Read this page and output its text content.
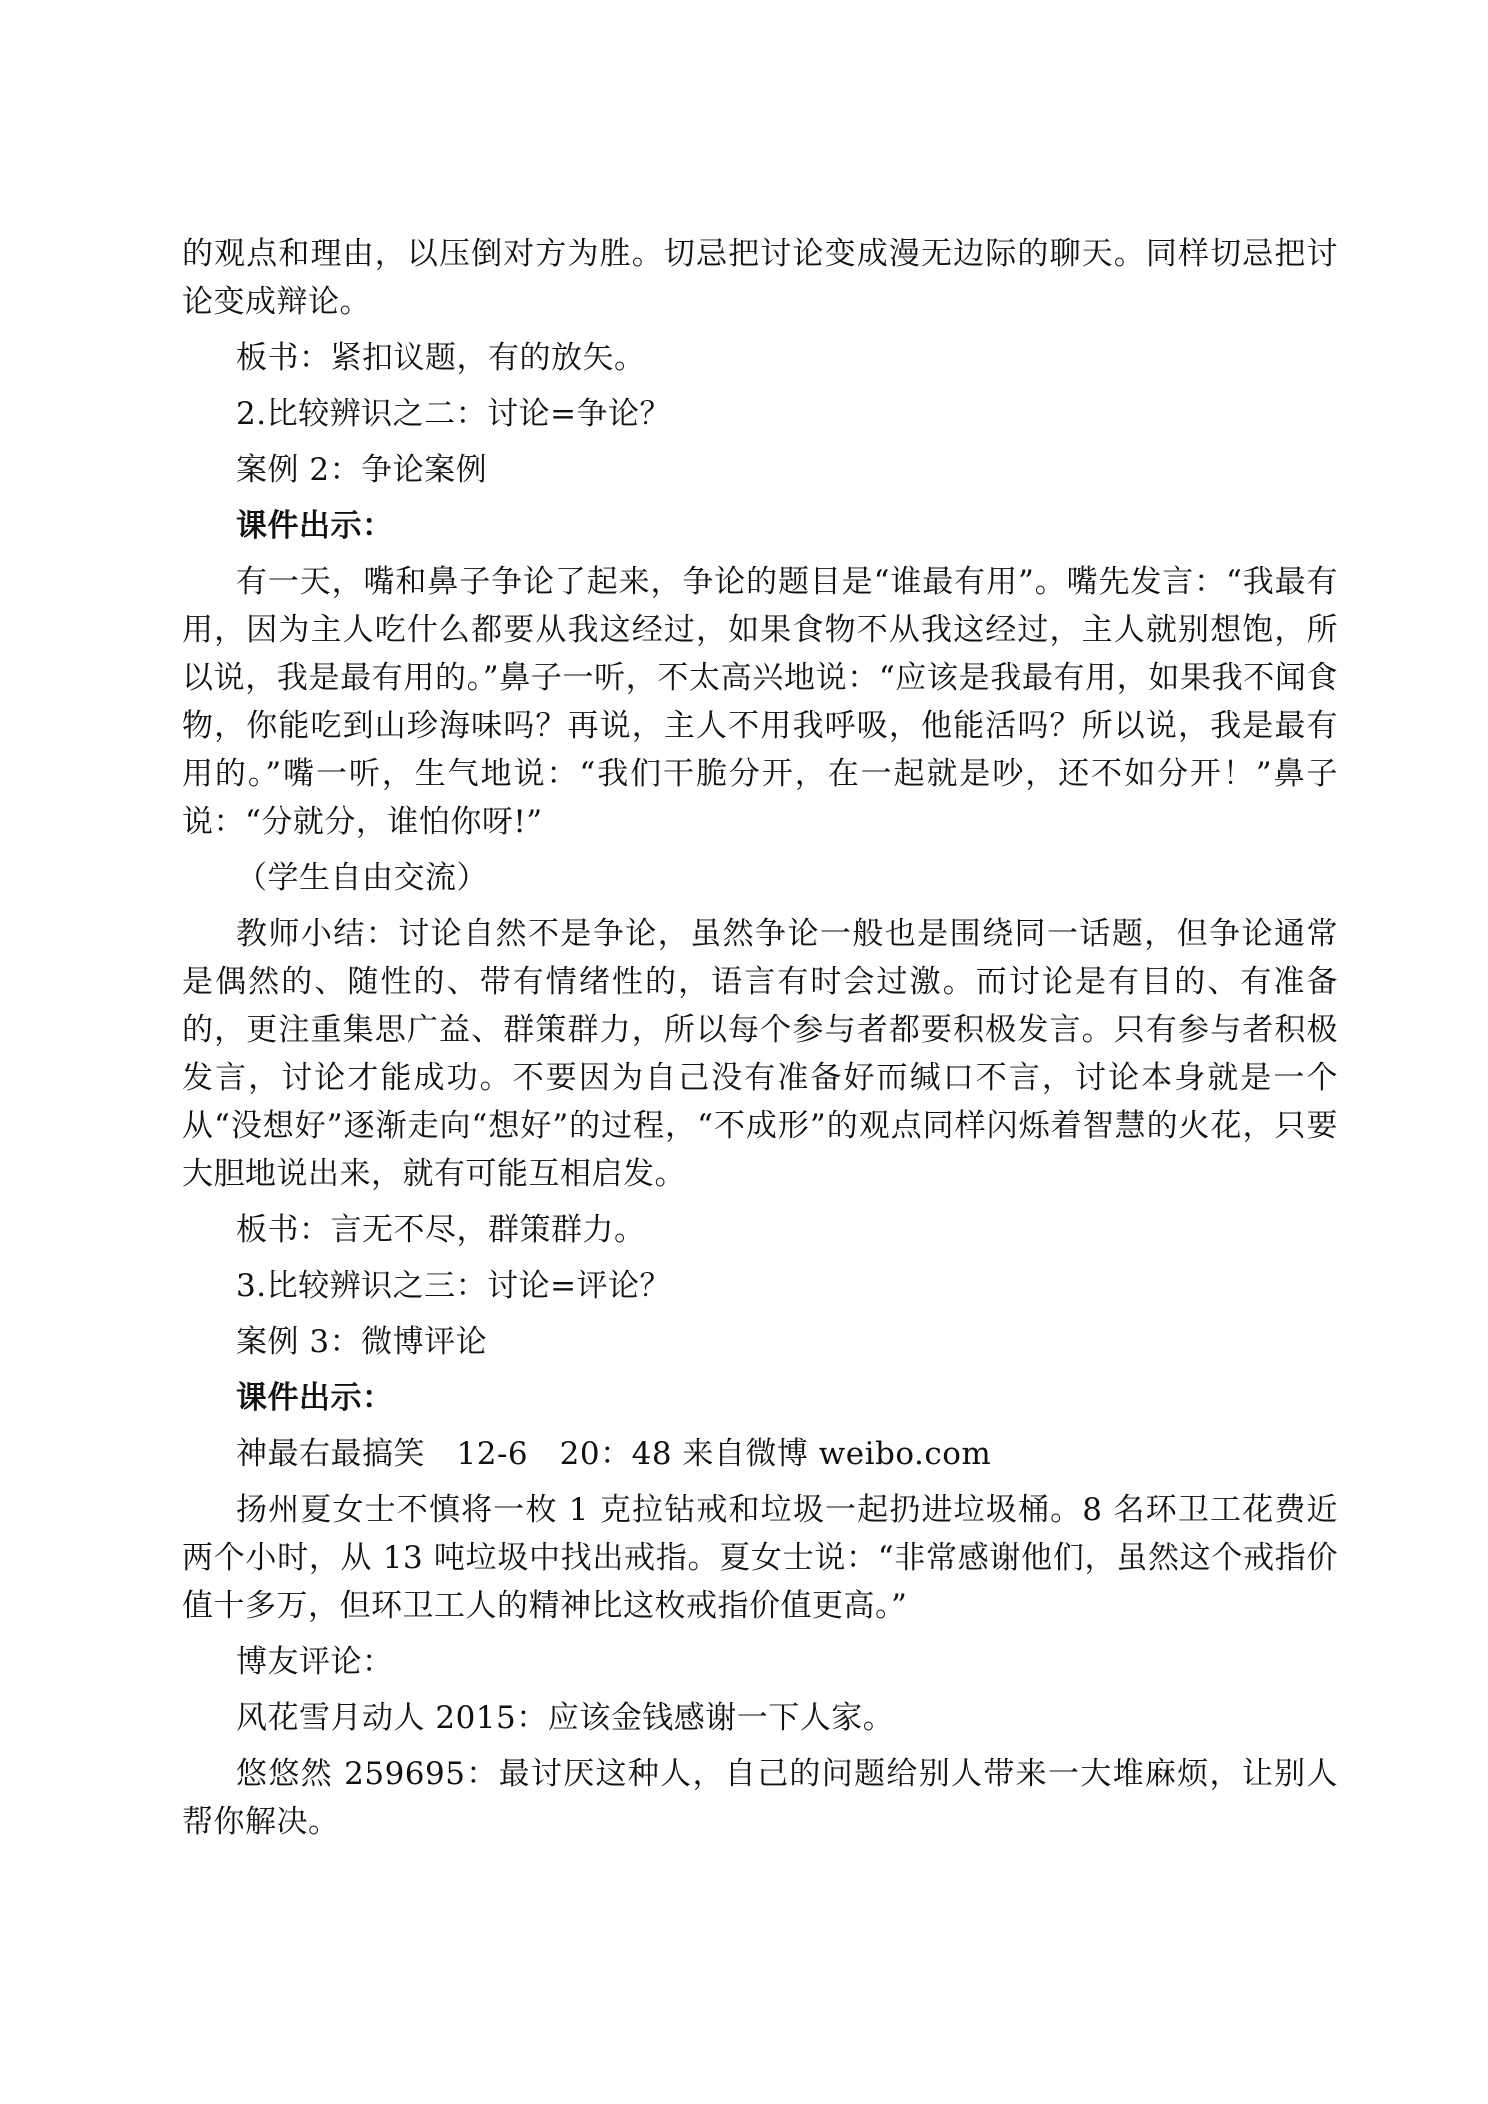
的观点和理由，以压倒对方为胜。切忌把讨论变成漫无边际的聊天。同样切忌把讨论变成辩论。

板书：紧扣议题，有的放矢。

2.比较辨识之二：讨论=争论？

案例 2：争论案例

课件出示：

有一天，嘴和鼻子争论了起来，争论的题目是“谁最有用”。嘴先发言：“我最有用，因为主人吃什么都要从我这经过，如果食物不从我这经过，主人就别想饱，所以说，我是最有用的。”鼻子一听，不太高兴地说：“应该是我最有用，如果我不闻食物，你能吃到山珍海味吗？再说，主人不用我呼吸，他能活吗？所以说，我是最有用的。”嘴一听，生气地说：“我们干脆分开，在一起就是吵，还不如分开！”鼻子说：“分就分，谁怕你呀!”

（学生自由交流）

教师小结：讨论自然不是争论，虽然争论一般也是围绕同一话题，但争论通常是偶然的、随性的、带有情绪性的，语言有时会过激。而讨论是有目的、有准备的，更注重集思广益、群策群力，所以每个参与者都要积极发言。只有参与者积极发言，讨论才能成功。不要因为自己没有准备好而缄口不言，讨论本身就是一个从“没想好”逐渐走向“想好”的过程，“不成形”的观点同样闪烁着智慧的火花，只要大胆地说出来，就有可能互相启发。

板书：言无不尽，群策群力。

3.比较辨识之三：讨论=评论？

案例 3：微博评论

课件出示：

神最右最搞笑　12-6　20：48 来自微博 weibo.com

扬州夏女士不慎将一枚 1 克拉钻戒和垃圾一起扔进垃圾桶。8 名环卫工花费近两个小时，从 13 吨垃圾中找出戒指。夏女士说：“非常感谢他们，虽然这个戒指价值十多万，但环卫工人的精神比这枚戒指价值更高。”

博友评论：

风花雪月动人 2015：应该金钱感谢一下人家。

悠悠然 259695：最讨厌这种人，自己的问题给别人带来一大堆麻烦，让别人帮你解决。
